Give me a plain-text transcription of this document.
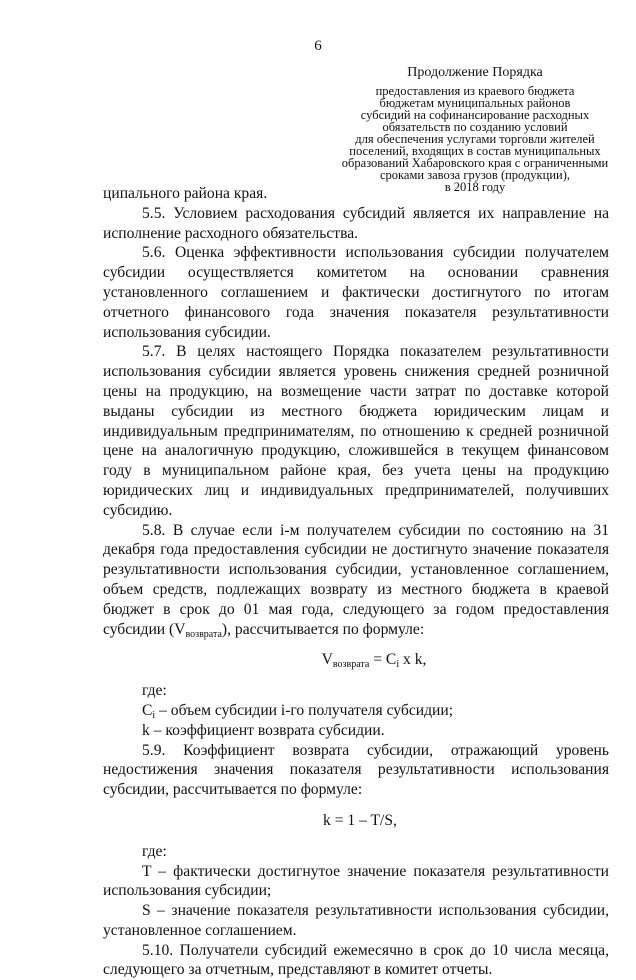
6
Продолжение Порядка
предоставления из краевого бюджета
бюджетам муниципальных районов
субсидий на софинансирование расходных
обязательств по созданию условий
для обеспечения услугами торговли жителей
поселений, входящих в состав муниципальных
образований Хабаровского края с ограниченными
сроками завоза грузов (продукции),
в 2018 году

ципального района края.

5.5. Условием расходования субсидий является их направление на исполнение расходного обязательства.

5.6. Оценка эффективности использования субсидии получателем субсидии осуществляется комитетом на основании сравнения установленного соглашением и фактически достигнутого по итогам отчетного финансового года значения показателя результативности использования субсидии.

5.7. В целях настоящего Порядка показателем результативности использования субсидии является уровень снижения средней розничной цены на продукцию, на возмещение части затрат по доставке которой выданы субсидии из местного бюджета юридическим лицам и индивидуальным предпринимателям, по отношению к средней розничной цене на аналогичную продукцию, сложившейся в текущем финансовом году в муниципальном районе края, без учета цены на продукцию юридических лиц и индивидуальных предпринимателей, получивших субсидию.

5.8. В случае если i-м получателем субсидии по состоянию на 31 декабря года предоставления субсидии не достигнуто значение показателя результативности использования субсидии, установленное соглашением, объем средств, подлежащих возврату из местного бюджета в краевой бюджет в срок до 01 мая года, следующего за годом предоставления субсидии $(V_{возврата})$, рассчитывается по формуле:

$V_{возврата} = C_i$ x k,

где:

$C_i$ – объем субсидии i-го получателя субсидии;

k – коэффициент возврата субсидии.

5.9. Коэффициент возврата субсидии, отражающий уровень недостижения значения показателя результативности использования субсидии, рассчитывается по формуле:

k = 1 – T/S,

где:

T – фактически достигнутое значение показателя результативности использования субсидии;

S – значение показателя результативности использования субсидии, установленное соглашением.

5.10. Получатели субсидий ежемесячно в срок до 10 числа месяца, следующего за отчетным, представляют в комитет отчеты.
